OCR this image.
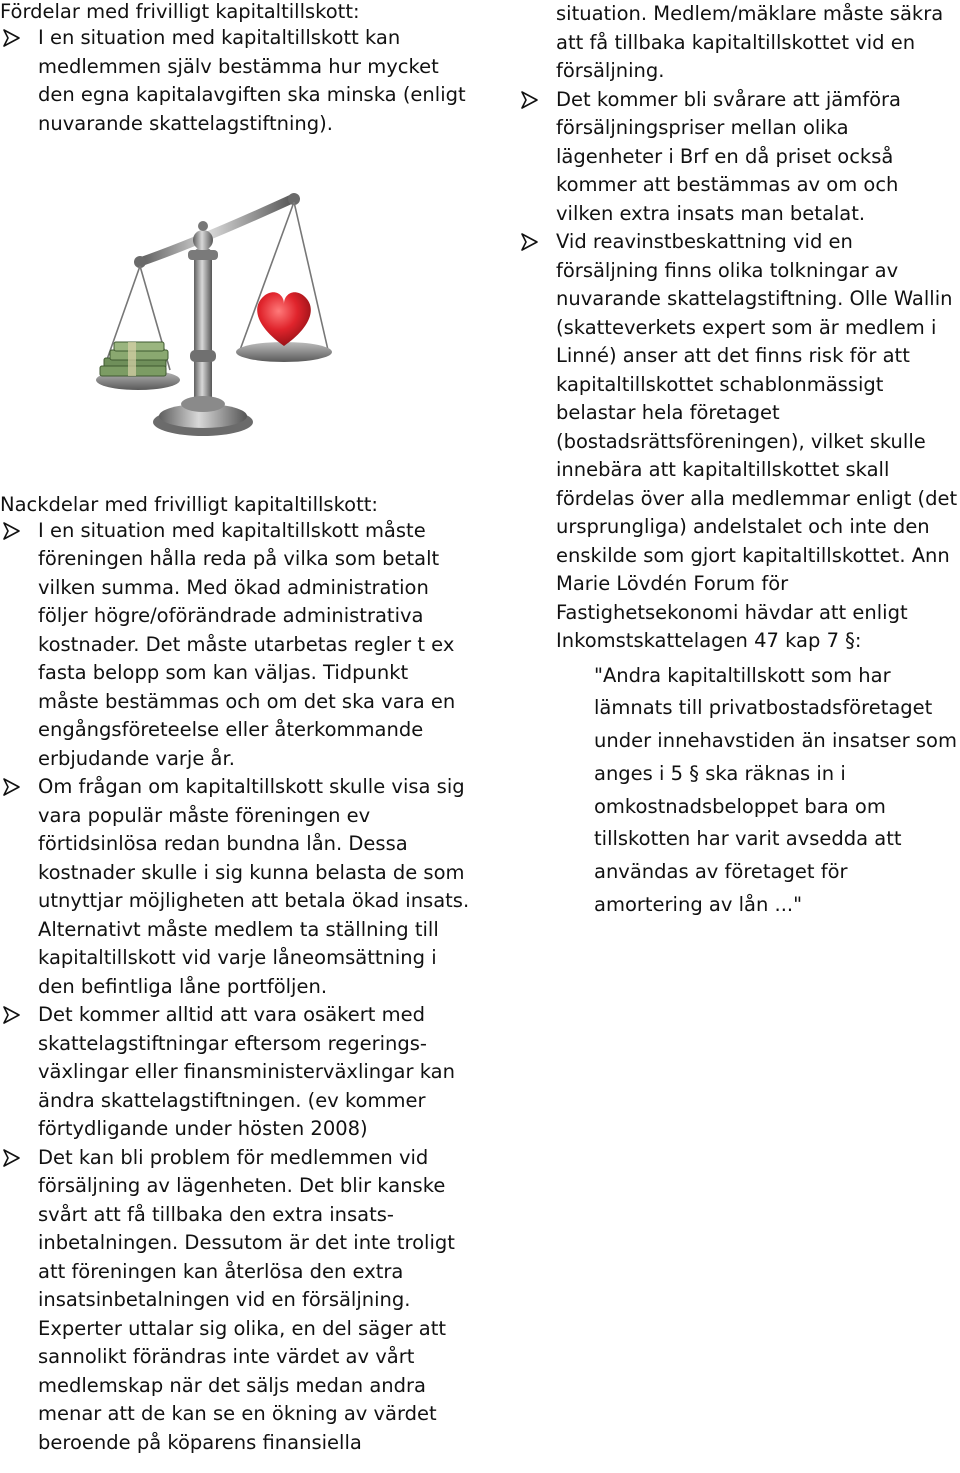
Fördelar med frivilligt kapitaltillskott:
I en situation med kapitaltillskott kan medlemmen själv bestämma hur mycket den egna kapitalavgiften ska minska (enligt nuvarande skattelagstiftning).
Nackdelar med frivilligt kapitaltillskott:
I en situation med kapitaltillskott måste föreningen hålla reda på vilka som betalt vilken summa. Med ökad administration följer högre/oförändrade administrativa kostnader. Det måste utarbetas regler t ex fasta belopp som kan väljas. Tidpunkt måste bestämmas och om det ska vara en engångsföreteelse eller återkommande erbjudande varje år.
Om frågan om kapitaltillskott skulle visa sig vara populär måste föreningen ev förtidsinlösa redan bundna lån. Dessa kostnader skulle i sig kunna belasta de som utnyttjar möjligheten att betala ökad insats. Alternativt måste medlem ta ställning till kapitaltillskott vid varje låneomsättning i den befintliga låne portföljen.
Det kommer alltid att vara osäkert med skattelagstiftningar eftersom regerings-växlingar eller finansministerväxlingar kan ändra skattelagstiftningen. (ev kommer förtydligande under hösten 2008)
Det kan bli problem för medlemmen vid försäljning av lägenheten. Det blir kanske svårt att få tillbaka den extra insats-inbetalningen. Dessutom är det inte troligt att föreningen kan återlösa den extra insatsinbetalningen vid en försäljning. Experter uttalar sig olika, en del säger att sannolikt förändras inte värdet av vårt medlemskap när det säljs medan andra menar att de kan se en ökning av värdet beroende på köparens finansiella
situation. Medlem/mäklare måste säkra att få tillbaka kapitaltillskottet vid en försäljning.
Det kommer bli svårare att jämföra försäljningspriser mellan olika lägenheter i Brf en då priset också kommer att bestämmas av om och vilken extra insats man betalat.
Vid reavinstbeskattning vid en försäljning finns olika tolkningar av nuvarande skattelagstiftning. Olle Wallin (skatteverkets expert som är medlem i Linné) anser att det finns risk för att kapitaltillskottet schablonmässigt belastar hela företaget (bostadsrättsföreningen), vilket skulle innebära att kapitaltillskottet skall fördelas över alla medlemmar enligt (det ursprungliga) andelstalet och inte den enskilde som gjort kapitaltillskottet. Ann Marie Lövdén Forum för Fastighetsekonomi hävdar att enligt Inkomstskattelagen 47 kap 7 §:
"Andra kapitaltillskott som har lämnats till privatbostadsföretaget under innehavstiden än insatser som anges i 5 § ska räknas in i omkostnadsbeloppet bara om tillskotten har varit avsedda att användas av företaget för amortering av lån ..."
